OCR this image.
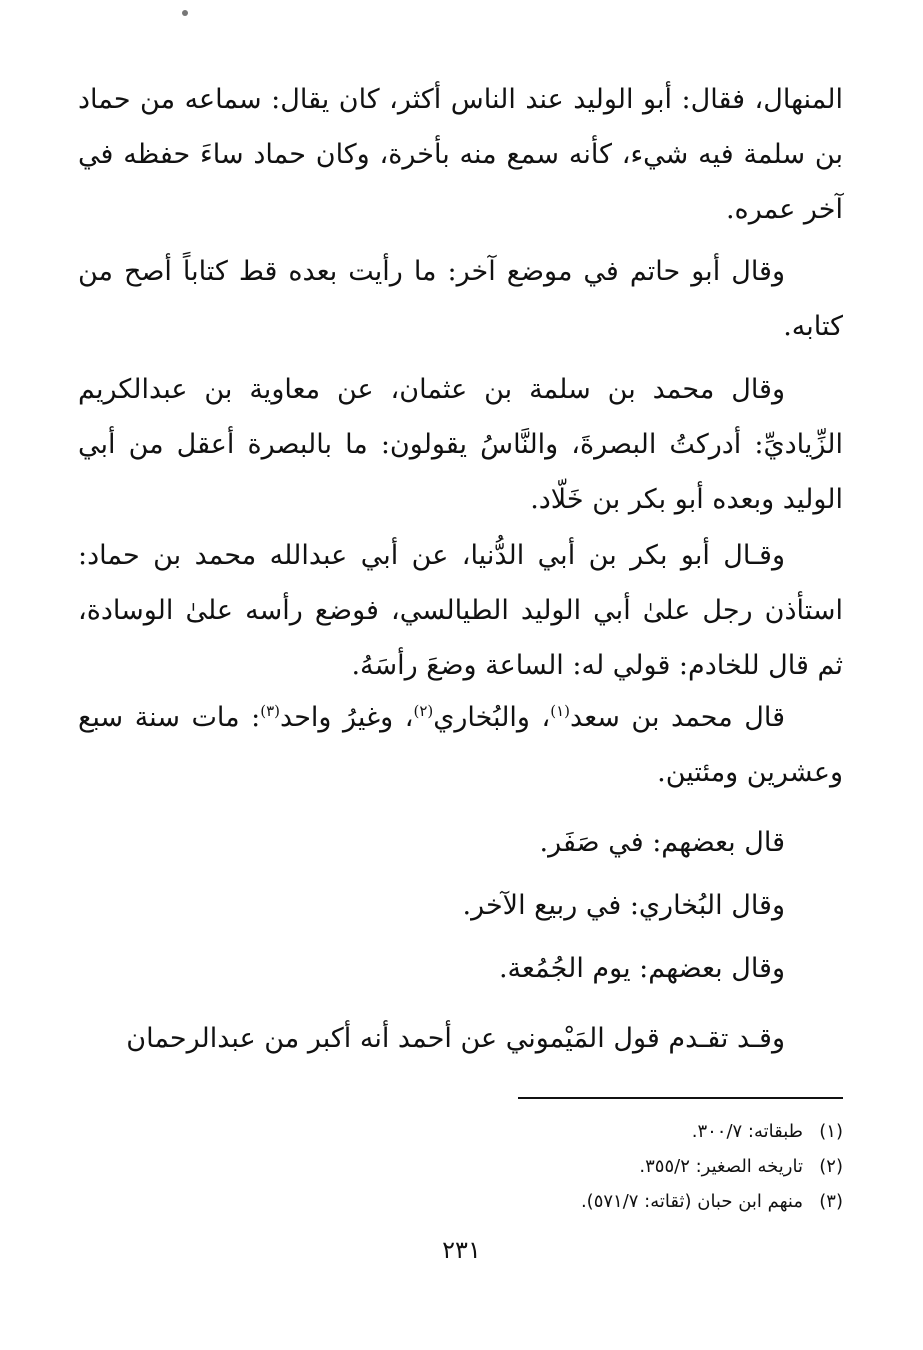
المنهال، فقال: أبو الوليد عند الناس أكثر، كان يقال: سماعه من حماد بن سلمة فيه شيء، كأنه سمع منه بأخرة، وكان حماد ساءَ حفظه في آخر عمره.

وقال أبو حاتم في موضع آخر: ما رأيت بعده قط كتاباً أصح من كتابه.

وقال محمد بن سلمة بن عثمان، عن معاوية بن عبدالكريم الزِّياديِّ: أدركتُ البصرةَ، والنَّاسُ يقولون: ما بالبصرة أعقل من أبي الوليد وبعده أبو بكر بن خَلّاد.

وقـال أبو بكر بن أبي الدُّنيا، عن أبي عبدالله محمد بن حماد: استأذن رجل علىٰ أبي الوليد الطيالسي، فوضع رأسه علىٰ الوسادة، ثم قال للخادم: قولي له: الساعة وضعَ رأسَهُ.

قال محمد بن سعد$^{(١)}$، والبُخاري$^{(٢)}$، وغيرُ واحد$^{(٣)}$: مات سنة سبع وعشرين ومئتين.

قال بعضهم: في صَفَر.

وقال البُخاري: في ربيع الآخر.

وقال بعضهم: يوم الجُمُعة.

وقـد تقـدم قول المَيْموني عن أحمد أنه أكبر من عبدالرحمان

(١)طبقاته: ٣٠٠/٧.

(٢)تاريخه الصغير: ٣٥٥/٢.

(٣)منهم ابن حبان (ثقاته: ٥٧١/٧).

٢٣١
